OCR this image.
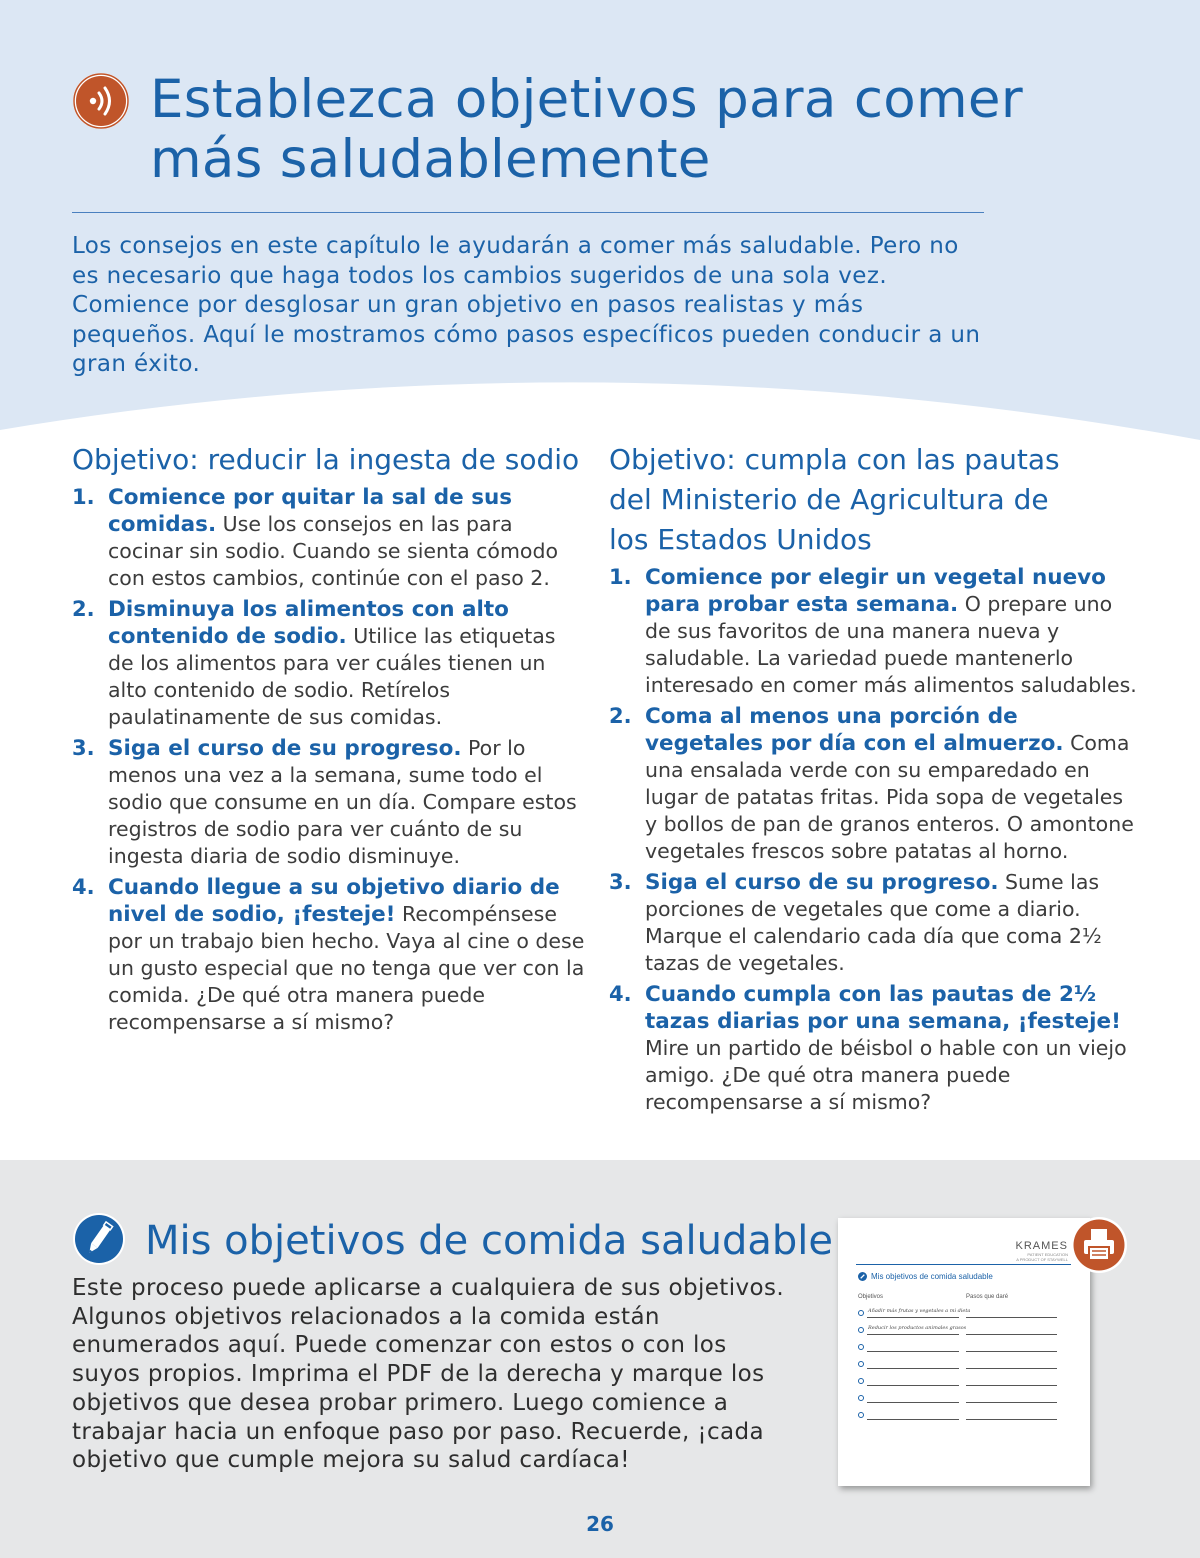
Establezca objetivos para comer
más saludablemente

Los consejos en este capítulo le ayudarán a comer más saludable. Pero no es necesario que haga todos los cambios sugeridos de una sola vez. Comience por desglosar un gran objetivo en pasos realistas y más pequeños. Aquí le mostramos cómo pasos específicos pueden conducir a un gran éxito.

Objetivo: reducir la ingesta de sodio
1. Comience por quitar la sal de sus comidas. Use los consejos en las para cocinar sin sodio. Cuando se sienta cómodo con estos cambios, continúe con el paso 2.
2. Disminuya los alimentos con alto contenido de sodio. Utilice las etiquetas de los alimentos para ver cuáles tienen un alto contenido de sodio. Retírelos paulatinamente de sus comidas.
3. Siga el curso de su progreso. Por lo menos una vez a la semana, sume todo el sodio que consume en un día. Compare estos registros de sodio para ver cuánto de su ingesta diaria de sodio disminuye.
4. Cuando llegue a su objetivo diario de nivel de sodio, ¡festeje! Recompénsese por un trabajo bien hecho. Vaya al cine o dese un gusto especial que no tenga que ver con la comida. ¿De qué otra manera puede recompensarse a sí mismo?
Objetivo: cumpla con las pautas
del Ministerio de Agricultura de
los Estados Unidos
1. Comience por elegir un vegetal nuevo para probar esta semana. O prepare uno de sus favoritos de una manera nueva y saludable. La variedad puede mantenerlo interesado en comer más alimentos saludables.
2. Coma al menos una porción de vegetales por día con el almuerzo. Coma una ensalada verde con su emparedado en lugar de patatas fritas. Pida sopa de vegetales y bollos de pan de granos enteros. O amontone vegetales frescos sobre patatas al horno.
3. Siga el curso de su progreso. Sume las porciones de vegetales que come a diario. Marque el calendario cada día que coma 2½ tazas de vegetales.
4. Cuando cumpla con las pautas de 2½ tazas diarias por una semana, ¡festeje! Mire un partido de béisbol o hable con un viejo amigo. ¿De qué otra manera puede recompensarse a sí mismo?
Mis objetivos de comida saludable

Este proceso puede aplicarse a cualquiera de sus objetivos. Algunos objetivos relacionados a la comida están enumerados aquí. Puede comenzar con estos o con los suyos propios. Imprima el PDF de la derecha y marque los objetivos que desea probar primero. Luego comience a trabajar hacia un enfoque paso por paso. Recuerde, ¡cada objetivo que cumple mejora su salud cardíaca!

KRAMES
PATIENT EDUCATION
A PRODUCT OF STAYWELL
Mis objetivos de comida saludable
Objetivos	Pasos que daré
Añadir más frutas y vegetales a mi dieta
Reducir los productos animales grasos
26
